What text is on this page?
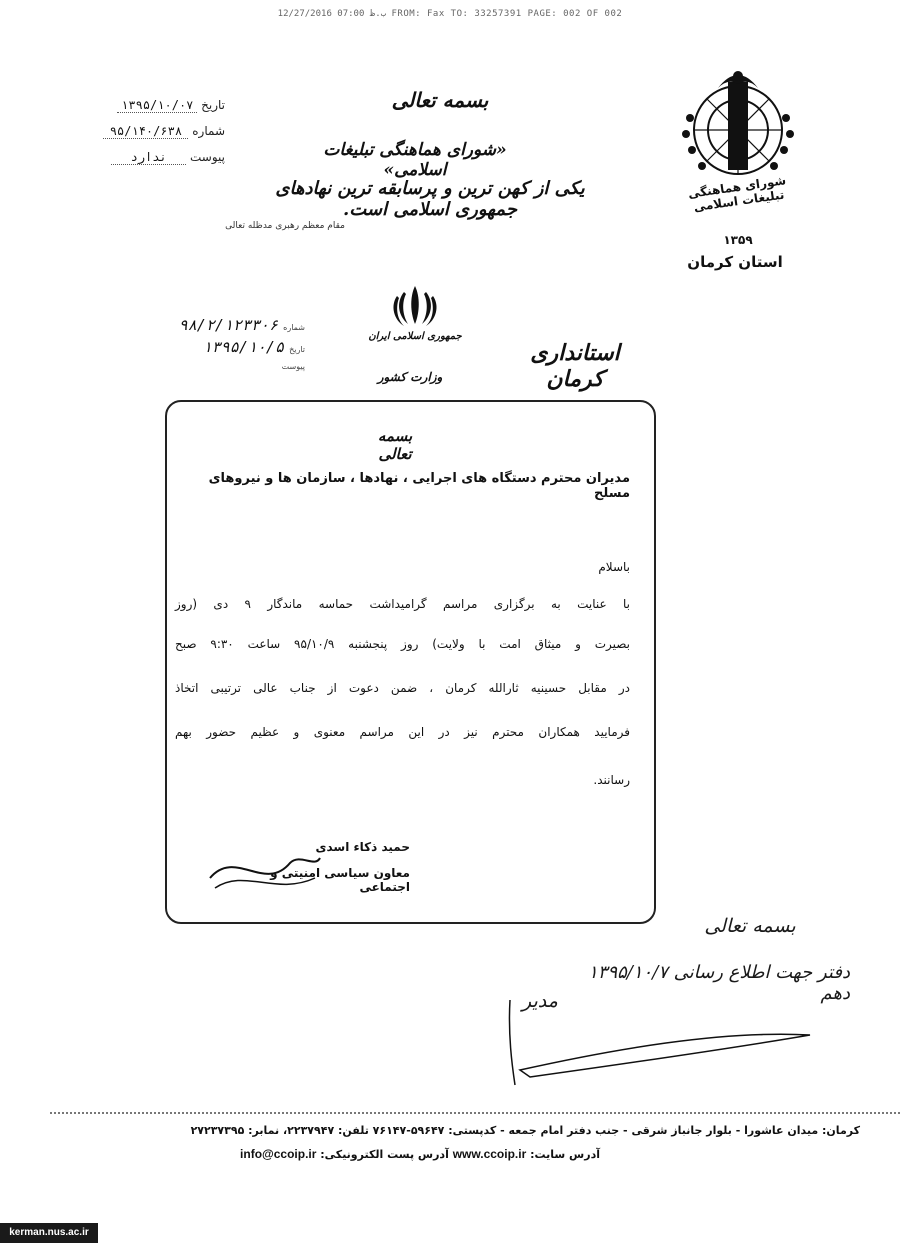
12/27/2016 ب.ظ 07:00 FROM: Fax TO: 33257391 PAGE: 002 OF 002
شورای هماهنگی تبلیغات اسلامی
۱۳۵۹
استان کرمان
بسمه تعالی
«شورای هماهنگی تبلیغات اسلامی»
یکی از کهن ترین و پرسابقه ترین نهادهای جمهوری اسلامی است.
مقام معظم رهبری مدظله تعالی
تاریخ ۱۳۹۵/۱۰/۰۷
شماره ۹۵/۱۴۰/۶۳۸
پیوست ندارد
جمهوری اسلامی ایران
وزارت کشور
استانداری کرمان
شماره ۹۸/۲/۱۲۳۳۰۶
تاریخ ۱۳۹۵/۱۰/۵
پیوست
بسمه تعالی
مدیران محترم دستگاه های اجرایی ، نهادها ، سازمان ها و نیروهای مسلح
باسلام
با عنایت به برگزاری مراسم گرامیداشت حماسه ماندگار ۹ دی (روز
بصیرت و میثاق امت با ولایت) روز پنجشنبه ۹۵/۱۰/۹ ساعت ۹:۳۰ صبح
در مقابل حسینیه ثارالله کرمان ، ضمن دعوت از جناب عالی ترتیبی اتخاذ
فرمایید همکاران محترم نیز در این مراسم معنوی و عظیم حضور بهم
رسانند.
حمید ذکاء اسدی
معاون سیاسی امنیتی و اجتماعی
بسمه تعالی
دفتر جهت اطلاع رسانی ۱۳۹۵/۱۰/۷ دهم
مدیر
کرمان: میدان عاشورا - بلوار جانباز شرقی - جنب دفتر امام جمعه - کدپستی: ۵۹۶۴۷-۷۶۱۴۷ تلفن: ۲۲۳۷۹۴۷، نمابر: ۲۷۲۳۷۳۹۵
آدرس سایت: www.ccoip.ir آدرس پست الکترونیکی: info@ccoip.ir
kerman.nus.ac.ir
